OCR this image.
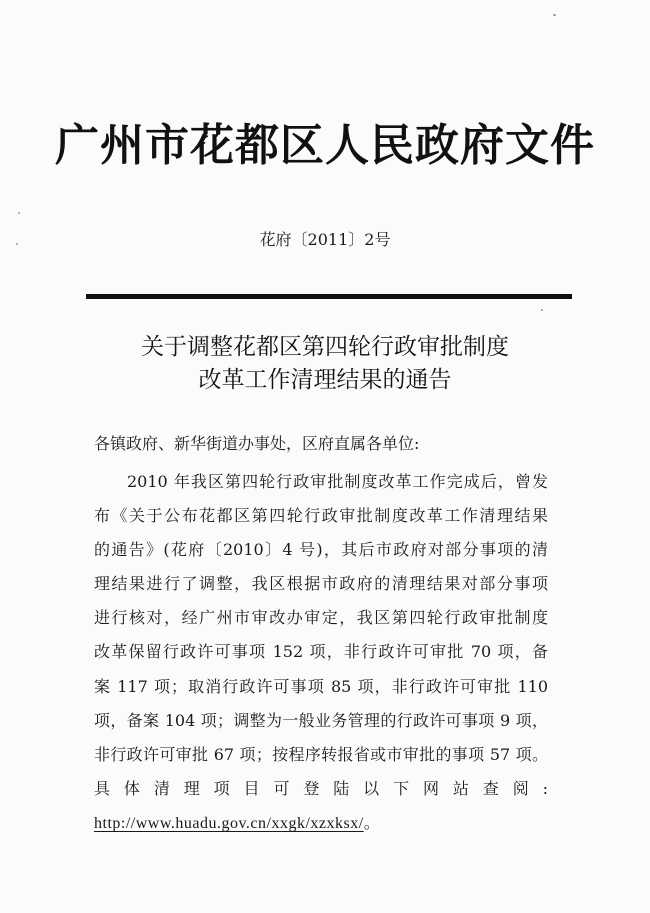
广州市花都区人民政府文件
花府〔2011〕2号
关于调整花都区第四轮行政审批制度
改革工作清理结果的通告
各镇政府、新华街道办事处，区府直属各单位:
2010 年我区第四轮行政审批制度改革工作完成后，曾发
布《关于公布花都区第四轮行政审批制度改革工作清理结果
的通告》(花府〔2010〕4 号)，其后市政府对部分事项的清
理结果进行了调整，我区根据市政府的清理结果对部分事项
进行核对，经广州市审改办审定，我区第四轮行政审批制度
改革保留行政许可事项 152 项，非行政许可审批 70 项，备
案 117 项；取消行政许可事项 85 项，非行政许可审批 110
项，备案 104 项；调整为一般业务管理的行政许可事项 9 项，
非行政许可审批 67 项；按程序转报省或市审批的事项 57 项。
具体清理项目可登陆以下网站查阅:
http://www.huadu.gov.cn/xxgk/xzxksx/。
